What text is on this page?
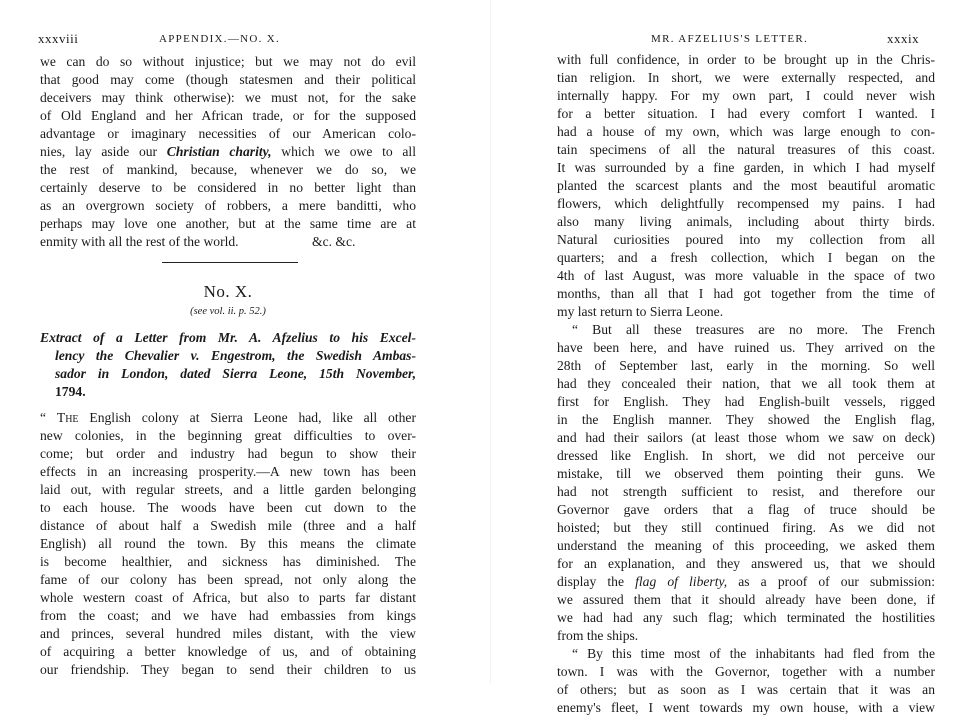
xxxviii	APPENDIX.—NO. X.
we can do so without injustice; but we may not do evil
that good may come (though statesmen and their political
deceivers may think otherwise): we must not, for the sake
of Old England and her African trade, or for the supposed
advantage or imaginary necessities of our American colo-
nies, lay aside our Christian charity, which we owe to all
the rest of mankind, because, whenever we do so, we
certainly deserve to be considered in no better light than
as an overgrown society of robbers, a mere banditti, who
perhaps may love one another, but at the same time are at
enmity with all the rest of the world.	&c. &c.
No. X.
(see vol. ii. p. 52.)
Extract of a Letter from Mr. A. Afzelius to his Excel-
lency the Chevalier v. Engestrom, the Swedish Ambas-
sador in London, dated Sierra Leone, 15th November,
1794.
“ The English colony at Sierra Leone had, like all other
new colonies, in the beginning great difficulties to over-
come; but order and industry had begun to show their
effects in an increasing prosperity.—A new town has been
laid out, with regular streets, and a little garden belonging
to each house. The woods have been cut down to the
distance of about half a Swedish mile (three and a half
English) all round the town. By this means the climate
is become healthier, and sickness has diminished. The
fame of our colony has been spread, not only along the
whole western coast of Africa, but also to parts far distant
from the coast; and we have had embassies from kings
and princes, several hundred miles distant, with the view
of acquiring a better knowledge of us, and of obtaining
our friendship. They began to send their children to us
MR. AFZELIUS'S LETTER.	xxxix
with full confidence, in order to be brought up in the Chris-
tian religion. In short, we were externally respected, and
internally happy. For my own part, I could never wish
for a better situation. I had every comfort I wanted. I
had a house of my own, which was large enough to con-
tain specimens of all the natural treasures of this coast.
It was surrounded by a fine garden, in which I had myself
planted the scarcest plants and the most beautiful aromatic
flowers, which delightfully recompensed my pains. I had
also many living animals, including about thirty birds.
Natural curiosities poured into my collection from all
quarters; and a fresh collection, which I began on the
4th of last August, was more valuable in the space of two
months, than all that I had got together from the time of
my last return to Sierra Leone.
“ But all these treasures are no more. The French
have been here, and have ruined us. They arrived on the
28th of September last, early in the morning. So well
had they concealed their nation, that we all took them at
first for English. They had English-built vessels, rigged
in the English manner. They showed the English flag,
and had their sailors (at least those whom we saw on deck)
dressed like English. In short, we did not perceive our
mistake, till we observed them pointing their guns. We
had not strength sufficient to resist, and therefore our
Governor gave orders that a flag of truce should be
hoisted; but they still continued firing. As we did not
understand the meaning of this proceeding, we asked them
for an explanation, and they answered us, that we should
display the flag of liberty, as a proof of our submission:
we assured them that it should already have been done, if
we had had any such flag; which terminated the hostilities
from the ships.
“ By this time most of the inhabitants had fled from the
town. I was with the Governor, together with a number
of others; but as soon as I was certain that it was an
enemy's fleet, I went towards my own house, with a view
